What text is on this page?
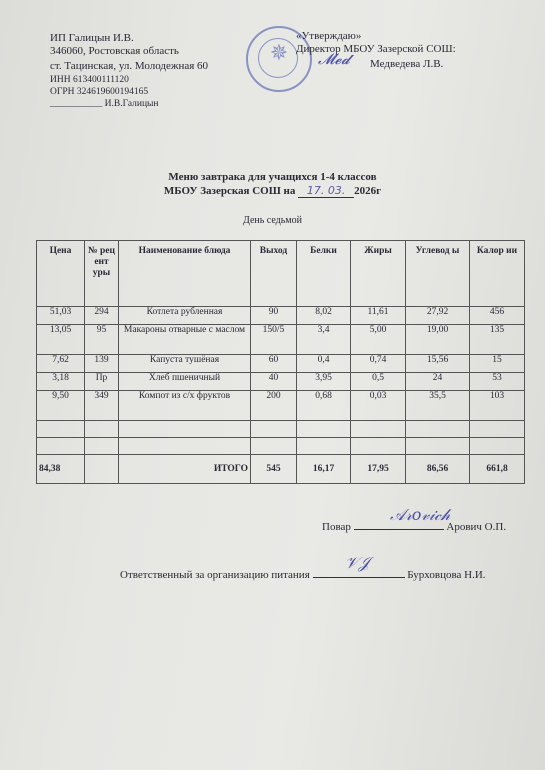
ИП Галицын И.В.
346060, Ростовская область
ст. Тацинская, ул. Молодежная 60
ИНН 613400111120
ОГРН 324619600194165
___________ И.В.Галицын
✵
«Утверждаю»
Директор МБОУ Зазерской СОШ:
Медведева Л.В.
𝓜𝓮𝓭
Меню завтрака для учащихся 1-4 классов
МБОУ Зазерская СОШ на 17. 03. 2026г
День седьмой
Цена	№ рец ент уры	Наименование блюда	Выход	Белки	Жиры	Углевод ы	Калор ии
51,03	294	Котлета рубленная	90	8,02	11,61	27,92	456
13,05	95	Макароны отварные с маслом	150/5	3,4	5,00	19,00	135
7,62	139	Капуста тушёная	60	0,4	0,74	15,56	15
3,18	Пр	Хлеб пшеничный	40	3,95	0,5	24	53
9,50	349	Компот из с/х фруктов	200	0,68	0,03	35,5	103

84,38		ИТОГО	545	16,17	17,95	86,56	661,8
Повар	Арович О.П.
𝒜𝓇𝑜𝓋𝒾𝒸𝒽
Ответственный за организацию питания	Бурховцова Н.И.
𝒱𝒥
